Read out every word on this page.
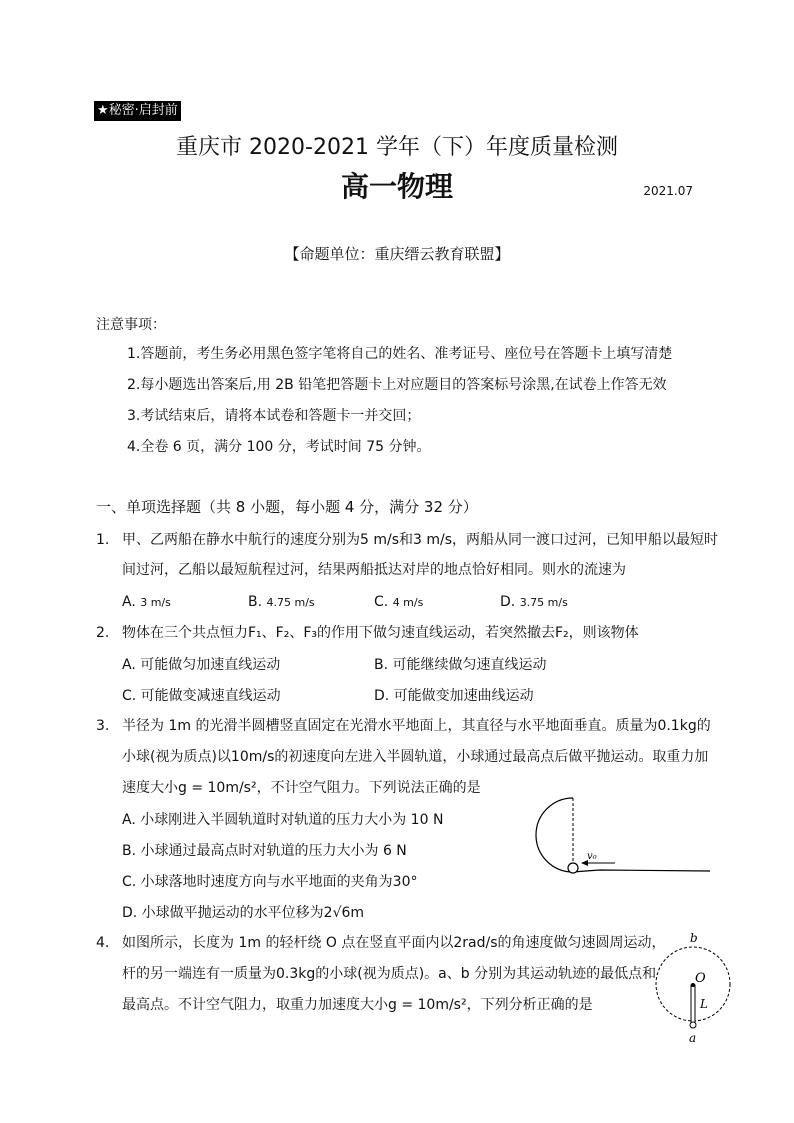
★秘密·启封前
重庆市 2020-2021 学年（下）年度质量检测
高一物理	2021.07
【命题单位：重庆缙云教育联盟】
注意事项：
1.答题前，考生务必用黑色签字笔将自己的姓名、准考证号、座位号在答题卡上填写清楚
2.每小题选出答案后,用 2B 铅笔把答题卡上对应题目的答案标号涂黑,在试卷上作答无效
3.考试结束后，请将本试卷和答题卡一并交回；
4.全卷 6 页，满分 100 分，考试时间 75 分钟。
一、单项选择题（共 8 小题，每小题 4 分，满分 32 分）
1. 甲、乙两船在静水中航行的速度分别为5 m/s和3 m/s，两船从同一渡口过河，已知甲船以最短时
间过河，乙船以最短航程过河，结果两船抵达对岸的地点恰好相同。则水的流速为
A. 3 m/s	B. 4.75 m/s	C. 4 m/s	D. 3.75 m/s
2. 物体在三个共点恒力F₁、F₂、F₃的作用下做匀速直线运动，若突然撤去F₂，则该物体
A. 可能做匀加速直线运动	B. 可能继续做匀速直线运动
C. 可能做变减速直线运动	D. 可能做变加速曲线运动
3. 半径为 1m 的光滑半圆槽竖直固定在光滑水平地面上，其直径与水平地面垂直。质量为0.1kg的
小球(视为质点)以10m/s的初速度向左进入半圆轨道，小球通过最高点后做平抛运动。取重力加
速度大小g = 10m/s²，不计空气阻力。下列说法正确的是
A. 小球刚进入半圆轨道时对轨道的压力大小为 10 N
B. 小球通过最高点时对轨道的压力大小为 6 N
C. 小球落地时速度方向与水平地面的夹角为30°
D. 小球做平抛运动的水平位移为2√6m
v₀
4. 如图所示，长度为 1m 的轻杆绕 O 点在竖直平面内以2rad/s的角速度做匀速圆周运动，
杆的另一端连有一质量为0.3kg的小球(视为质点)。a、b 分别为其运动轨迹的最低点和
最高点。不计空气阻力，取重力加速度大小g = 10m/s²，下列分析正确的是
b
O
L
a
